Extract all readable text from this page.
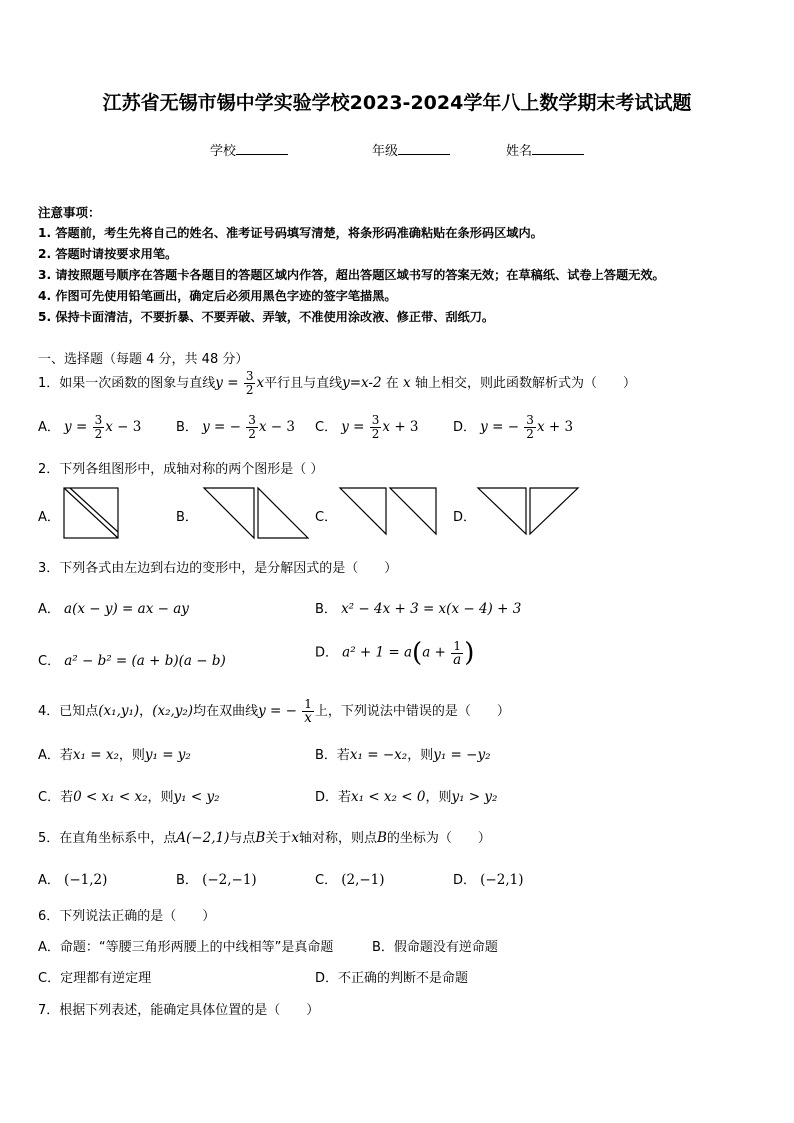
江苏省无锡市锡中学实验学校2023-2024学年八上数学期末考试试题
学校	年级	姓名
注意事项：
1. 答题前，考生先将自己的姓名、准考证号码填写清楚，将条形码准确粘贴在条形码区域内。
2. 答题时请按要求用笔。
3. 请按照题号顺序在答题卡各题目的答题区域内作答，超出答题区域书写的答案无效；在草稿纸、试卷上答题无效。
4. 作图可先使用铅笔画出，确定后必须用黑色字迹的签字笔描黑。
5. 保持卡面清洁，不要折暴、不要弄破、弄皱，不准使用涂改液、修正带、刮纸刀。
一、选择题（每题 4 分，共 48 分）
1．如果一次函数的图象与直线$y = \frac{3}{2}$ x平行且与直线y=x-2 在 x 轴上相交，则此函数解析式为（　　）
A． $y = \frac{3}{2}$ x − 3	B． y = − $\frac{3}{2}$ x − 3 C． $y = \frac{3}{2}$ x + 3	D． y = − $\frac{3}{2}$ x + 3
2．下列各组图形中，成轴对称的两个图形是（ ）
A．	B．	C．	D．
3．下列各式由左边到右边的变形中，是分解因式的是（　　）
A． a(x − y) = ax − ay	B． x² − 4x + 3 = x(x − 4) + 3
C． a² − b² = (a + b)(a − b)	D． $a^2 + 1 = a(a + \frac{1}{a}$ )
4．已知点(x₁,y₁)，(x₂,y₂)均在双曲线y = − $\frac{1}{x}$ 上，下列说法中错误的是（　　）
A．若x₁ = x₂，则y₁ = y₂	B．若x₁ = −x₂，则y₁ = −y₂
C．若0 < x₁ < x₂，则y₁ < y₂	D．若x₁ < x₂ < 0，则y₁ > y₂
5．在直角坐标系中，点A(−2,1)与点B关于x轴对称，则点B的坐标为（　　）
A． (−1,2)	B． (−2,−1)	C． (2,−1)	D． (−2,1)
6．下列说法正确的是（　　）
A．命题：“等腰三角形两腰上的中线相等”是真命题	B．假命题没有逆命题
C．定理都有逆定理	D．不正确的判断不是命题
7．根据下列表述，能确定具体位置的是（　　）
